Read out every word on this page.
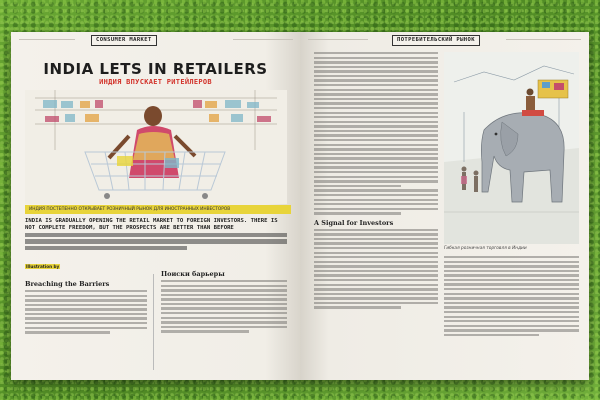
CONSUMER MARKET
INDIA LETS IN RETAILERS
ИНДИЯ ВПУСКАЕТ РИТЕЙЛЕРОВ
ИНДИЯ ПОСТЕПЕННО ОТКРЫВАЕТ РОЗНИЧНЫЙ РЫНОК ДЛЯ ИНОСТРАННЫХ ИНВЕСТОРОВ
INDIA IS GRADUALLY OPENING THE RETAIL MARKET TO FOREIGN INVESTORS. THERE IS NOT COMPLETE FREEDOM, BUT THE PROSPECTS ARE BETTER THAN BEFORE
Illustration by
Breaching the Barriers
Поиски барьеры
ПОТРЕБИТЕЛЬСКИЙ РЫНОК
A Signal for Investors
Гибкая розничная торговля в Индии
